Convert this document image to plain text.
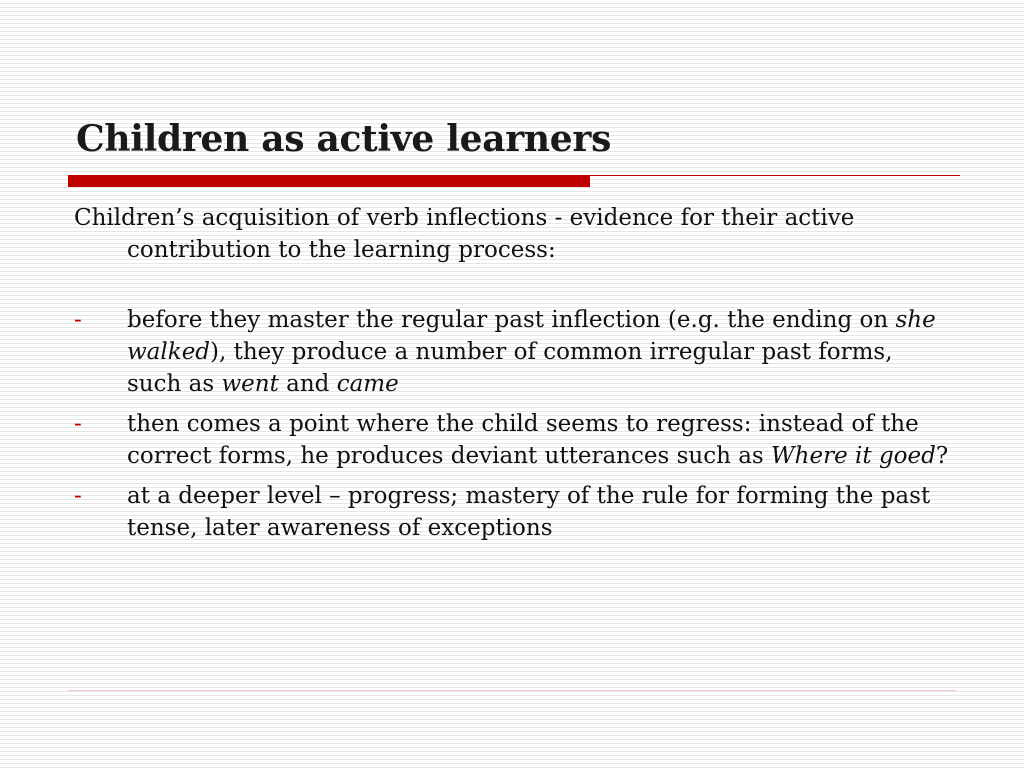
Children as active learners

Children’s acquisition of verb inflections - evidence for their active contribution to the learning process:

- before they master the regular past inflection (e.g. the ending on she walked), they produce a number of common irregular past forms, such as went and came
- then comes a point where the child seems to regress: instead of the correct forms, he produces deviant utterances such as Where it goed?
- at a deeper level – progress; mastery of the rule for forming the past tense, later awareness of exceptions
